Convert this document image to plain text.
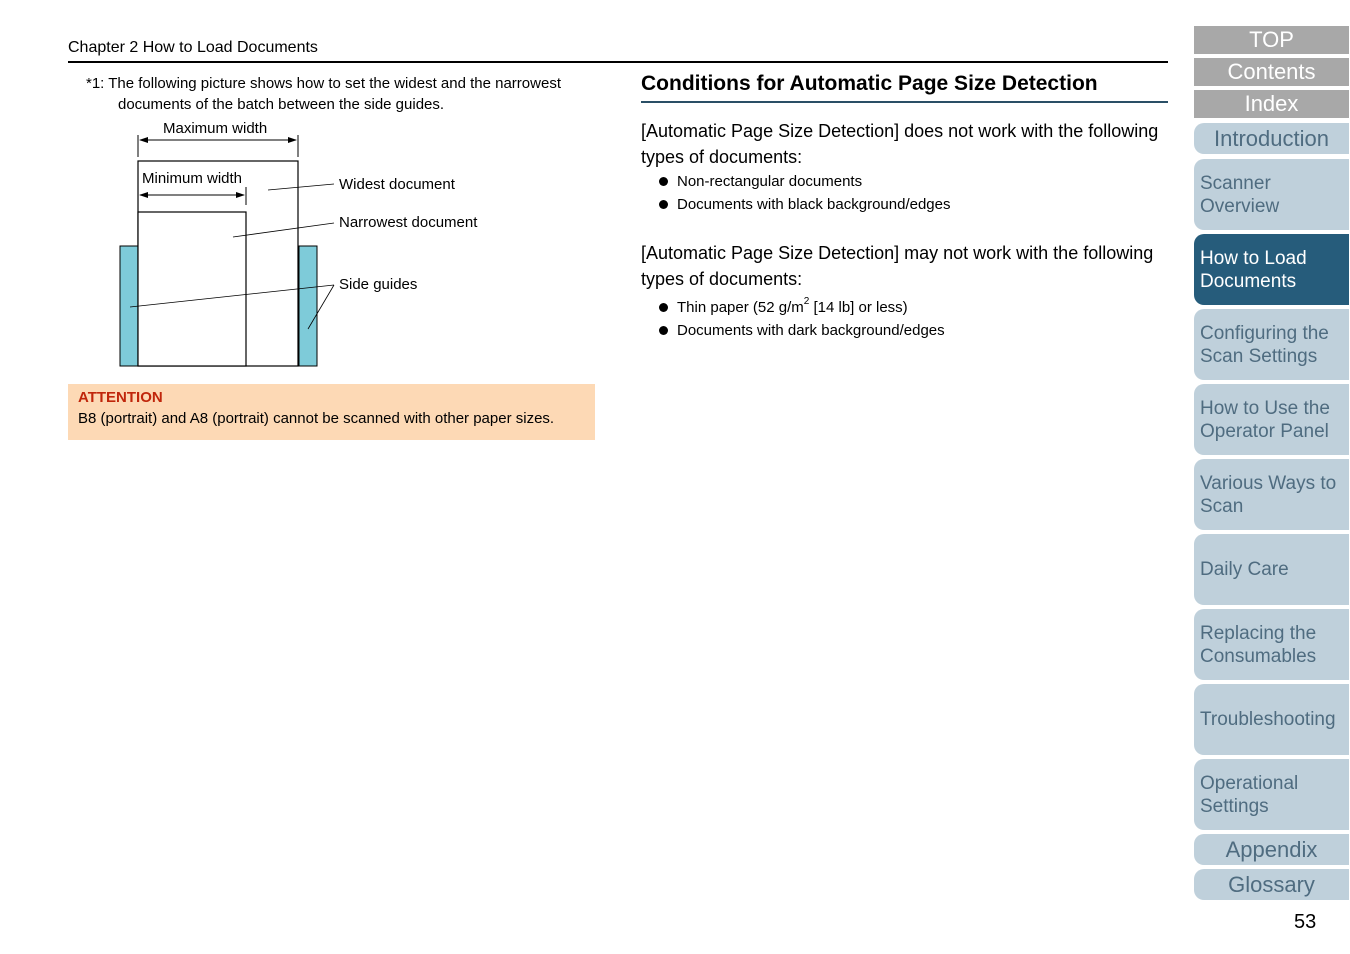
Chapter 2 How to Load Documents
*1: The following picture shows how to set the widest and the narrowest
documents of the batch between the side guides.
Maximum width
Minimum width	Widest document
Narrowest document
Side guides
ATTENTION
B8 (portrait) and A8 (portrait) cannot be scanned with other paper sizes.
Conditions for Automatic Page Size Detection
[Automatic Page Size Detection] does not work with the following types of documents:
Non-rectangular documents
Documents with black background/edges
[Automatic Page Size Detection] may not work with the following types of documents:
Thin paper (52 $g/m^2$ [14 lb] or less)
Documents with dark background/edges
TOP
Contents
Index
Introduction
Scanner
Overview
How to Load
Documents
Configuring the
Scan Settings
How to Use the
Operator Panel
Various Ways to
Scan
Daily Care
Replacing the
Consumables
Troubleshooting
Operational
Settings
Appendix
Glossary
53
